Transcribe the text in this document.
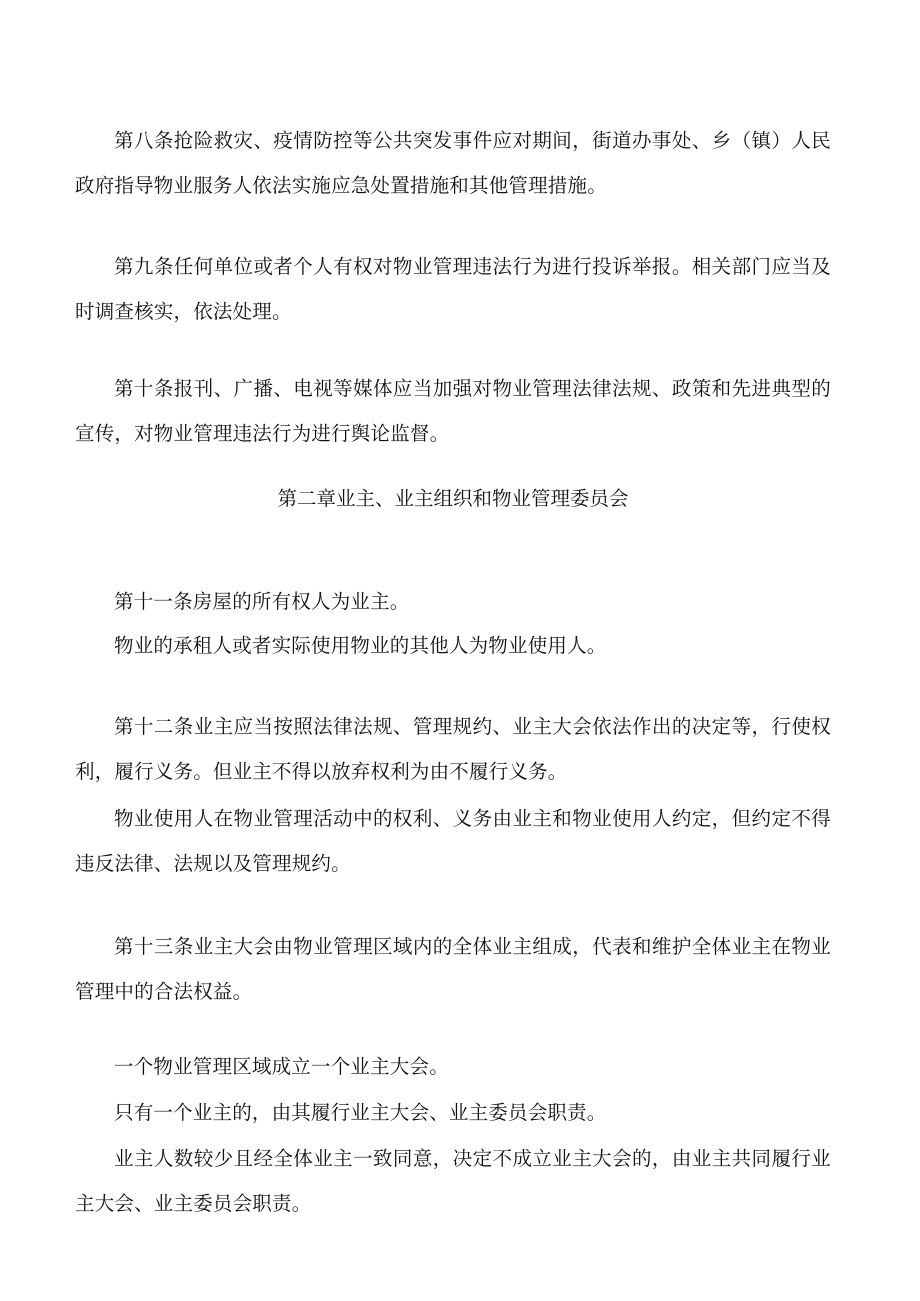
第八条抢险救灾、疫情防控等公共突发事件应对期间，街道办事处、乡（镇）人民政府指导物业服务人依法实施应急处置措施和其他管理措施。

第九条任何单位或者个人有权对物业管理违法行为进行投诉举报。相关部门应当及时调查核实，依法处理。

第十条报刊、广播、电视等媒体应当加强对物业管理法律法规、政策和先进典型的宣传，对物业管理违法行为进行舆论监督。

第二章业主、业主组织和物业管理委员会

第十一条房屋的所有权人为业主。

物业的承租人或者实际使用物业的其他人为物业使用人。

第十二条业主应当按照法律法规、管理规约、业主大会依法作出的决定等，行使权利，履行义务。但业主不得以放弃权利为由不履行义务。

物业使用人在物业管理活动中的权利、义务由业主和物业使用人约定，但约定不得违反法律、法规以及管理规约。

第十三条业主大会由物业管理区域内的全体业主组成，代表和维护全体业主在物业管理中的合法权益。

一个物业管理区域成立一个业主大会。

只有一个业主的，由其履行业主大会、业主委员会职责。

业主人数较少且经全体业主一致同意，决定不成立业主大会的，由业主共同履行业主大会、业主委员会职责。
